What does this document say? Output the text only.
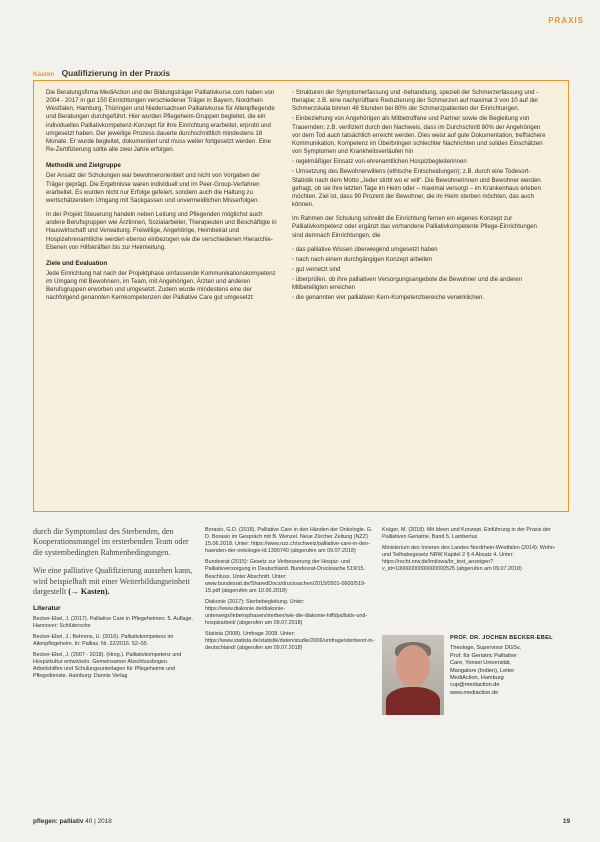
PRAXIS
Kasten Qualifizierung in der Praxis

Die Beratungsfirma MediAction und der Bildungsträger Palliativkurse.com haben von 2004 - 2017 in gut 150 Einrichtungen verschiedener Träger in Bayern, Nordrhein Westfalen, Hamburg, Thüringen und Niedersachsen Palliativkurse für Altenpflegende und Beratungen durchgeführt. Hier wurden Pflegeheim-Gruppen begleitet, die ein individuelles Palliativkompetenz-Konzept für ihre Einrichtung erarbeitet, erprobt und umgesetzt haben. Der jeweilige Prozess dauerte durchschnittlich mindestens 18 Monate. Er wurde begleitet, dokumentiert und muss weiter fortgesetzt werden. Eine Re-Zertifizierung sollte alle zwei Jahre erfolgen.

Methodik und Zielgruppe

Der Ansatz der Schulungen war bewohnerorientiert und nicht von Vorgaben der Träger geprägt. Die Ergebnisse waren individuell und im Peer-Group-Verfahren erarbeitet. Es wurden nicht nur Erfolge gefeiert, sondern auch die Haltung zu wertschätzendem Umgang mit Sackgassen und unvermeidlichen Misserfolgen.

In der Projekt Steuerung handeln neben Leitung und Pflegenden möglichst auch andere Berufsgruppen wie Ärztinnen, Sozialarbeiter, Therapeuten und Beschäftigte in Hauswirtschaft und Verwaltung. Freiwillige, Angehörige, Heimbeirat und Hospizehrenamtliche werden ebenso einbezogen wie die verschiedenen Hierarchie-Ebenen von Hilfskräften bis zur Heimleitung.

Ziele und Evaluation

Jede Einrichtung hat nach der Projektphase umfassende Kommunikationskompetenz im Umgang mit Bewohnern, im Team, mit Angehörigen, Ärzten und anderen Berufsgruppen erworben und umgesetzt. Zudem wurde mindestens eine der nachfolgend genannten Kernkompetenzen der Palliative Care gut umgesetzt:

· Strukturen der Symptomerfassung und -behandlung, speziell der Schmerzerfassung und -therapie; z.B. eine nachprüfbare Reduzierung der Schmerzen auf maximal 3 von 10 auf der Schmerzskala binnen 48 Stunden bei 80% der Schmerzpatienten der Einrichtungen.
· Einbeziehung von Angehörigen als Mitbetroffene und Partner sowie die Begleitung von Trauernden; z.B. verifiziert durch den Nachweis, dass im Durchschnitt 80% der Angehörigen vor dem Tod auch tatsächlich erreicht werden. Dies weist auf gute Dokumentation, treffsichere Kommunikation, Kompetenz im Überbringen schlechter Nachrichten und solides Einschätzen von Symptomen und Krankheitsverläufen hin
· regelmäßiger Einsatz von ehrenamtlichen Hospizbegleiterinnen
· Umsetzung des Bewohnerwillens (ethische Entscheidungen); z.B. durch eine Todesort-Statistik nach dem Motto „Jeder stirbt wo er will“. Die Bewohnerinnen und Bewohner werden gefragt, ob sie ihre letzten Tage im Heim oder – maximal versorgt – im Krankenhaus erleben möchten. Ziel ist, dass 90 Prozent der Bewohner, die im Heim sterben möchten, das auch können.

Im Rahmen der Schulung schreibt die Einrichtung fernen ein eigenes Konzept zur Palliativkompetenz oder ergänzt das vorhandene Palliativkompetente Pflege-Einrichtungen sind demnach Einrichtungen, die

· das palliative Wissen überwiegend umgesetzt haben
· nach nach einem durchgängigen Konzept arbeiten
· gut vernetzt sind
· überprüfen, ob ihre palliativen Versorgungsangebote die Bewohner und die anderen Mitbeteiligten erreichen
· die genannten vier palliativen Kern-Kompetenzbereiche verwirklichen.

durch die Symptomlast des Sterbenden, den Kooperationsmangel im ersterbenden Team oder die systembedingten Rahmenbedingungen.

Wie eine palliative Qualifizierung aussehen kann, wird beispielhaft mit einer Weiterbildungseinheit dargestellt (→ Kasten).

Literatur

Becker-Ebel, J. (2017). Palliative Care in Pflegeheimen. 5. Auflage. Hannover: Schlütersche

Becker-Ebel, J.; Behrens, U. (2016). Palliativkompetenz im Altenpflegeheim. In: Pallias. Nr. 22/2016. 52–55

Becker-Ebel, J. (2007 - 2018). (Hrsg.). Palliativkompetenz und Hospizkultur entwickeln. Gemeinsamer Abschlussbogen. Arbeitshilfen und Schulungsunterlagen für Pflegeheime und Pflegedienste. Hamburg: Dannis Verlag

Borasio, G.D. (2018). Palliative Care in den Händen der Onkologie. G. D. Borasio im Gespräch mit B. Wenzel. Neue Zürcher Zeitung (NZZ) 15.06.2018. Unter: https://www.nzz.ch/schweiz/palliative-care-in-den-haenden-der-onkologie-ld.1390740 (abgerufen am 09.07.2018)

Bundesrat (2015): Gesetz zur Verbesserung der Hospiz- und Palliativversorgung in Deutschland. Bundesrat-Drucksache 519/15. Beschluss. Unter Abschnitt. Unter: www.bundesrat.de/SharedDocs/drucksachen/2015/0501-0600/519-15.pdf (abgerufen am 10.06.2018)

Diakonie (2017): Sterbebegleitung. Unter: https://www.diakonie.de/diakonie-unterwegs/lebensphasen/sterben/wie-die-diakonie-hilft/palliativ-und-hospizarbeit/ (abgerufen am 09.07.2018)

Statista (2008). Umfrage 2008. Unter: https://www.statista.de/statistik/daten/studie/2006/umfrage/sterbeort-in-deutschland/ (abgerufen am 09.07.2018)

Krüger, M. (2018). Mit Ideen und Konzept. Einführung in der Praxis der Palliativen Geriatrie. Band 5. Lambertus

Ministerium des Inneren des Landes Nordrhein-Westfalen (2014): Wohn- und Teilhabegesetz NRW Kapitel 2 § 4 Absatz 4. Unter: https://recht.nrw.de/lmi/owa/br_text_anzeigen?v_id=10000000000000000525 (abgerufen am 09.07.2018)

PROF. DR. JOCHEN BECKER-EBEL
Theologe, Supervisor DGSv,
Prof. für Geriatric Palliative
Care, Yonsei Universität,
Mangalore (Indien), Leiter
MediAction, Hamburg
cup@mediaction.de
www.mediaction.de
pflegen: palliativ 40 | 2018	19
